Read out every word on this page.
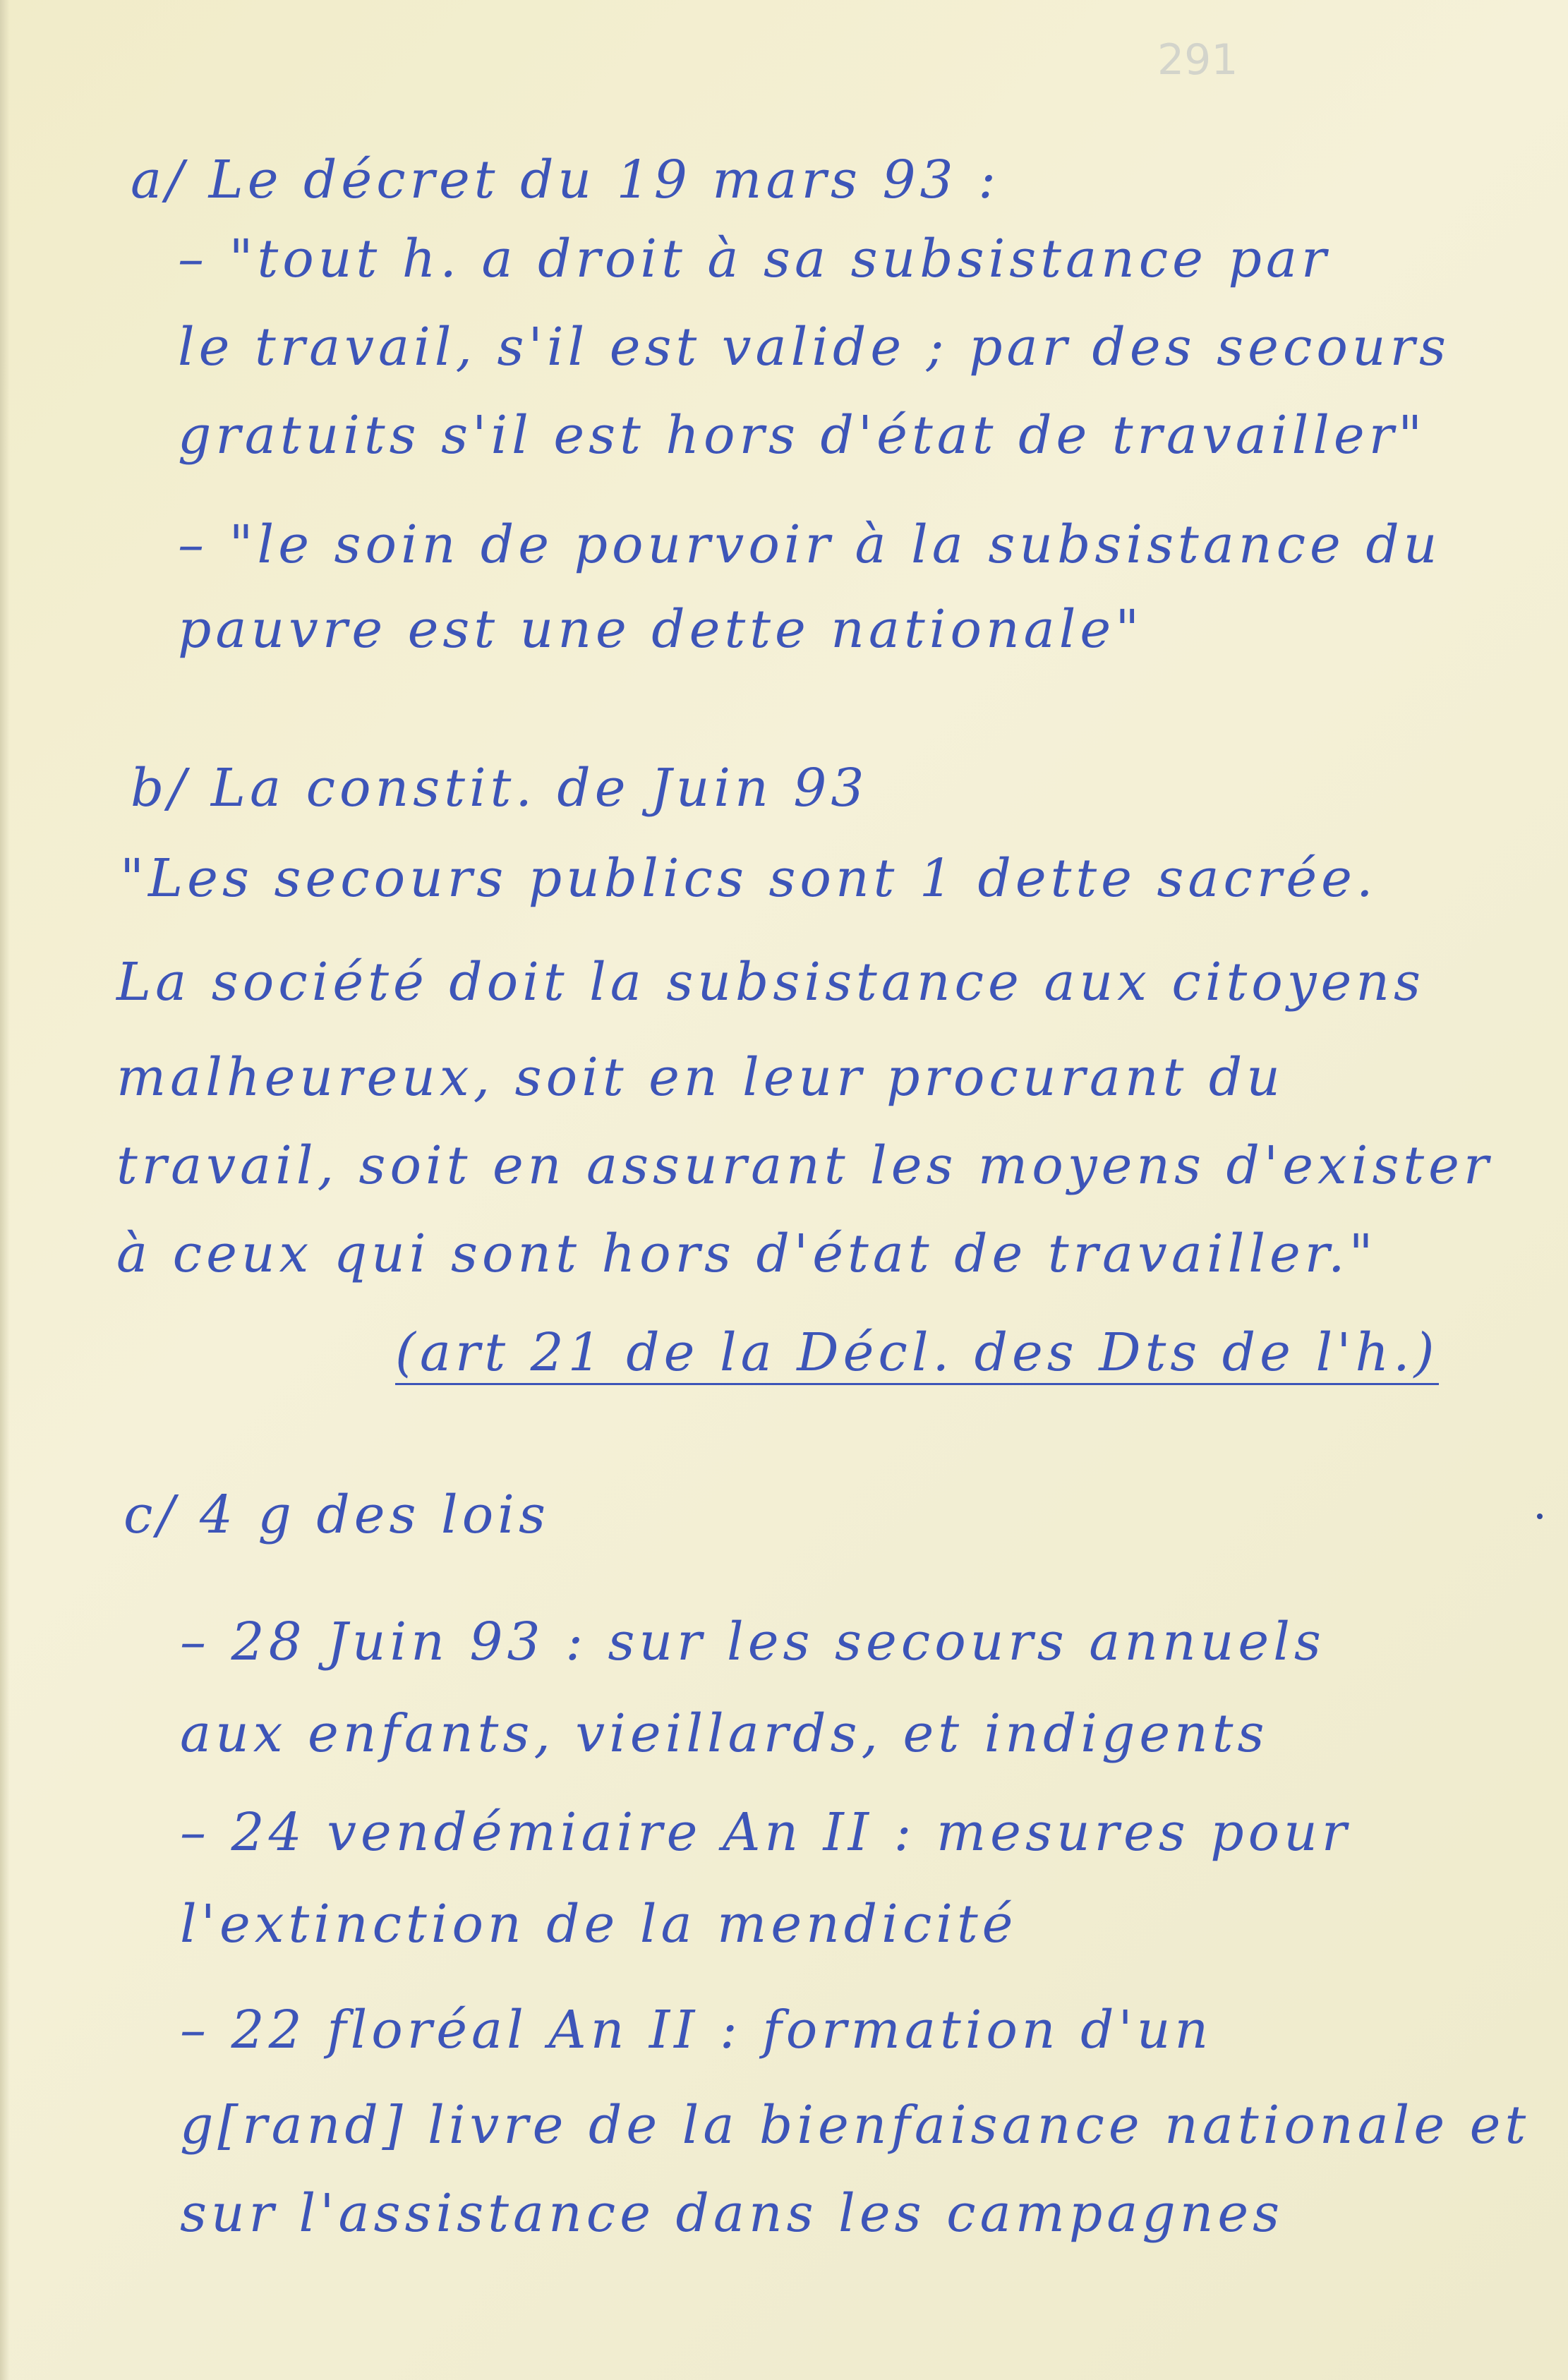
291
a/ Le décret du 19 mars 93 :
– "tout h. a droit à sa subsistance par
le travail, s'il est valide ; par des secours
gratuits s'il est hors d'état de travailler"
– "le soin de pourvoir à la subsistance du
pauvre est une dette nationale"
b/ La constit. de Juin 93
"Les secours publics sont 1 dette sacrée.
La société doit la subsistance aux citoyens
malheureux, soit en leur procurant du
travail, soit en assurant les moyens d'exister
à ceux qui sont hors d'état de travailler."
(art 21 de la Décl. des Dts de l'h.)
c/ 4 g des lois
– 28 Juin 93 : sur les secours annuels
aux enfants, vieillards, et indigents
– 24 vendémiaire An II : mesures pour
l'extinction de la mendicité
– 22 floréal An II : formation d'un
g[rand] livre de la bienfaisance nationale et
sur l'assistance dans les campagnes
